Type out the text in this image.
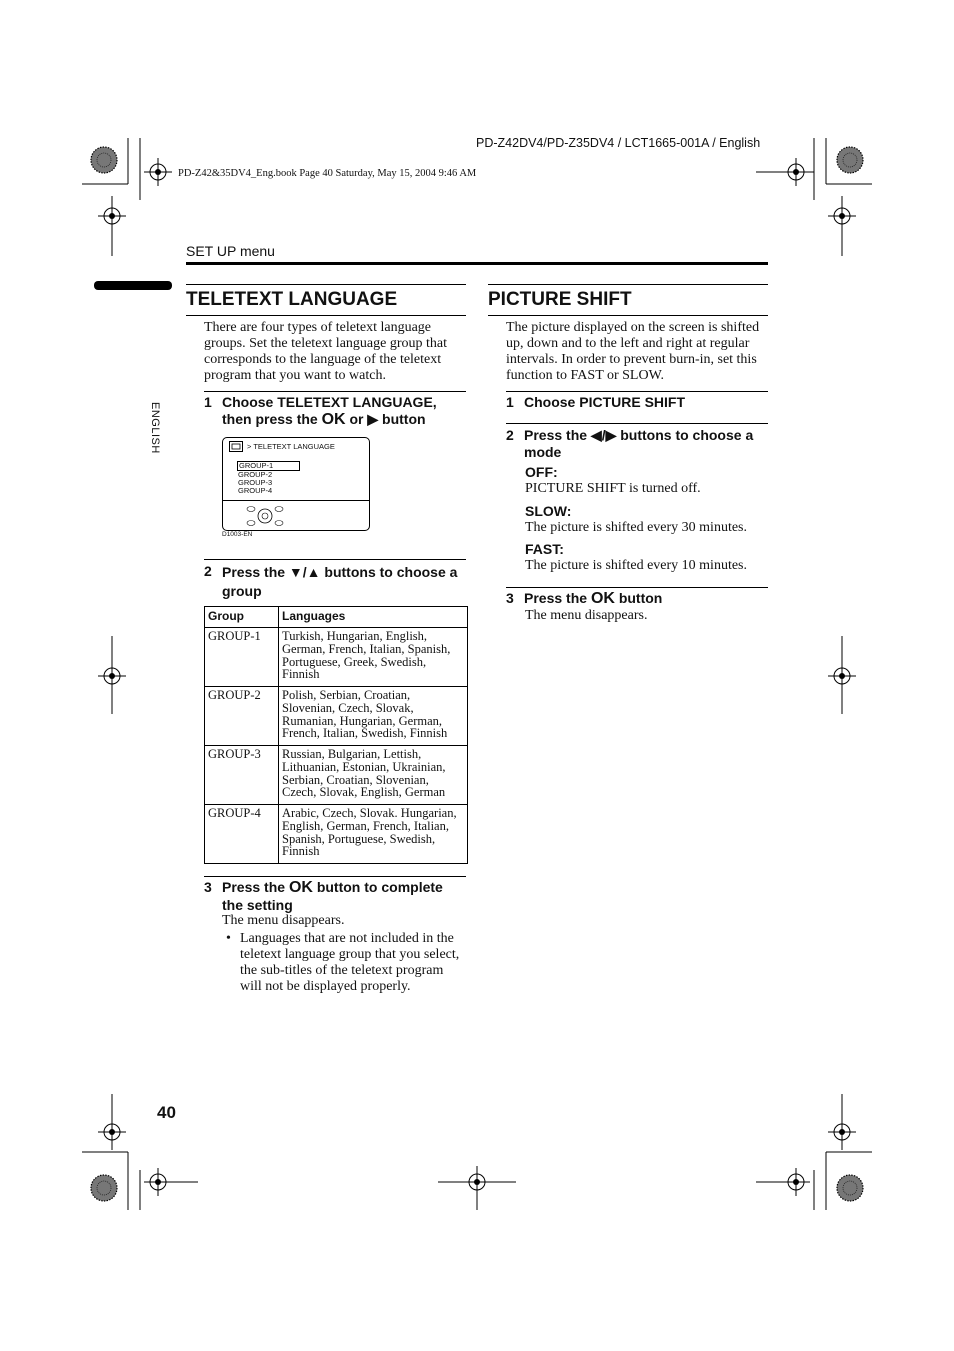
PD-Z42DV4/PD-Z35DV4 / LCT1665-001A / English
PD-Z42&35DV4_Eng.book Page 40 Saturday, May 15, 2004 9:46 AM
SET UP menu
ENGLISH
TELETEXT LANGUAGE
There are four types of teletext language groups. Set the teletext language group that corresponds to the language of the teletext program that you want to watch.
1 Choose TELETEXT LANGUAGE,
then press the OK or ▶ button
> TELETEXT LANGUAGE
GROUP-1
GROUP-2
GROUP-3
GROUP-4
D1003-EN
2 Press the ▼/▲ buttons to choose a
group
Group	Languages
GROUP-1	Turkish, Hungarian, English, German, French, Italian, Spanish, Portuguese, Greek, Swedish, Finnish
GROUP-2	Polish, Serbian, Croatian, Slovenian, Czech, Slovak, Rumanian, Hungarian, German, French, Italian, Swedish, Finnish
GROUP-3	Russian, Bulgarian, Lettish, Lithuanian, Estonian, Ukrainian, Serbian, Croatian, Slovenian, Czech, Slovak, English, German
GROUP-4	Arabic, Czech, Slovak. Hungarian, English, German, French, Italian, Spanish, Portuguese, Swedish, Finnish
3 Press the OK button to complete
the setting
The menu disappears.
• Languages that are not included in the teletext language group that you select, the sub-titles of the teletext program will not be displayed properly.
PICTURE SHIFT
The picture displayed on the screen is shifted up, down and to the left and right at regular intervals. In order to prevent burn-in, set this function to FAST or SLOW.
1 Choose PICTURE SHIFT
2 Press the ◀/▶ buttons to choose a
mode
OFF:
PICTURE SHIFT is turned off.
SLOW:
The picture is shifted every 30 minutes.
FAST:
The picture is shifted every 10 minutes.
3 Press the OK button
The menu disappears.
40
